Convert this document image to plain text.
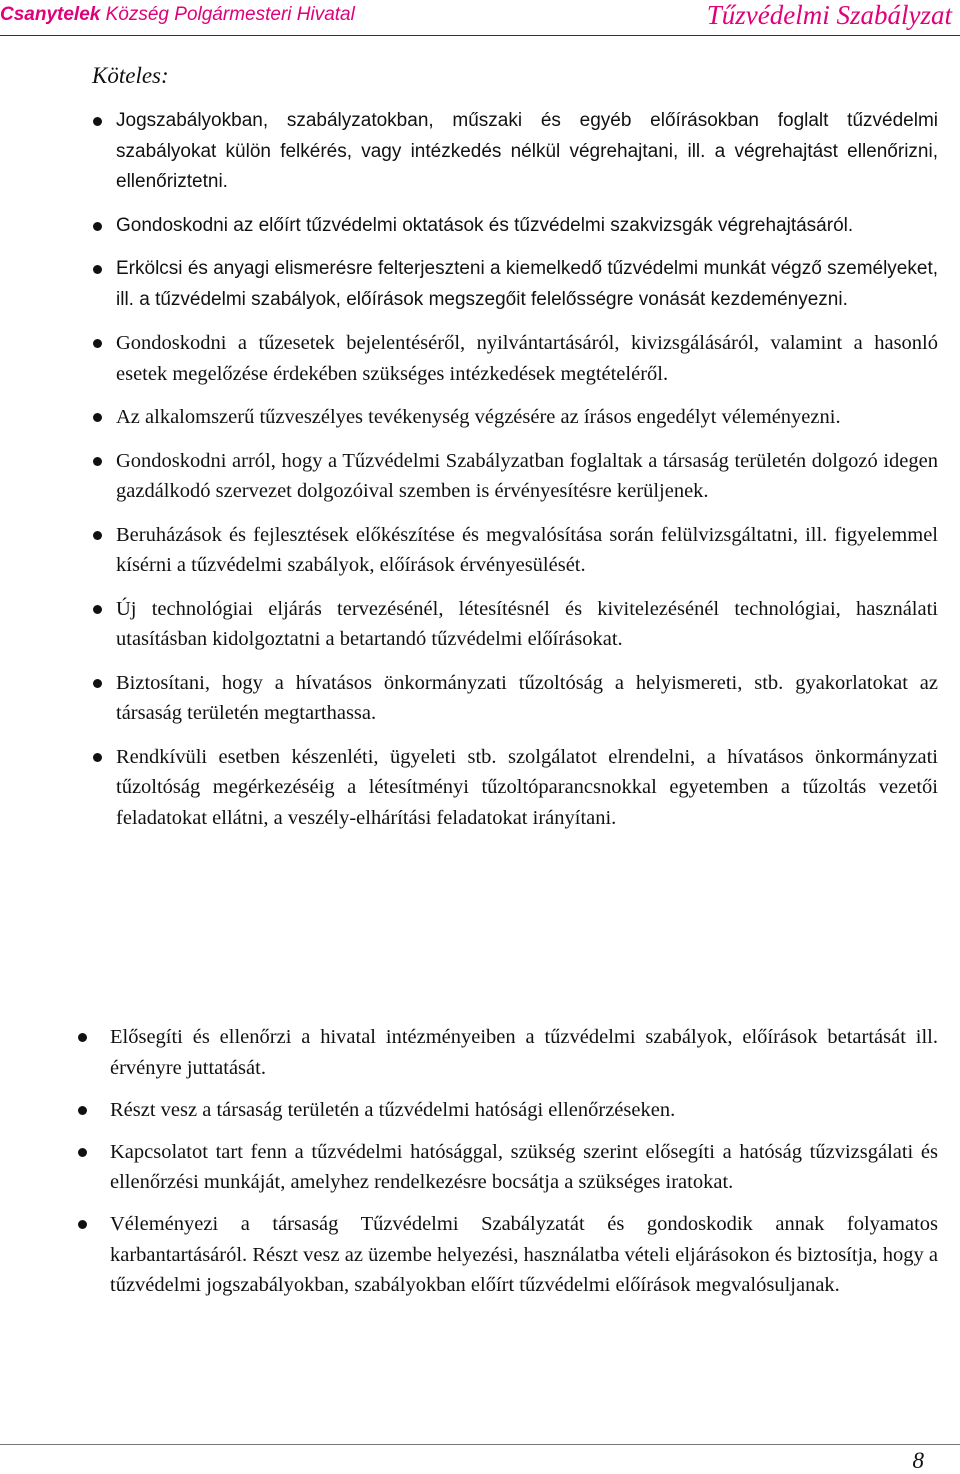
Csanytelek Község Polgármesteri Hivatal	Tűzvédelmi Szabályzat
Köteles:
Jogszabályokban, szabályzatokban, műszaki és egyéb előírásokban foglalt tűzvédelmi szabályokat külön felkérés, vagy intézkedés nélkül végrehajtani, ill. a végrehajtást ellenőrizni, ellenőriztetni.
Gondoskodni az előírt tűzvédelmi oktatások és tűzvédelmi szakvizsgák végrehajtásáról.
Erkölcsi és anyagi elismerésre felterjeszteni a kiemelkedő tűzvédelmi munkát végző személyeket, ill. a tűzvédelmi szabályok, előírások megszegőit felelősségre vonását kezdeményezni.
Gondoskodni a tűzesetek bejelentéséről, nyilvántartásáról, kivizsgálásáról, valamint a hasonló esetek megelőzése érdekében szükséges intézkedések megtételéről.
Az alkalomszerű tűzveszélyes tevékenység végzésére az írásos engedélyt véleményezni.
Gondoskodni arról, hogy a Tűzvédelmi Szabályzatban foglaltak a társaság területén dolgozó idegen gazdálkodó szervezet dolgozóival szemben is érvényesítésre kerüljenek.
Beruházások és fejlesztések előkészítése és megvalósítása során felülvizsgáltatni, ill. figyelemmel kísérni a tűzvédelmi szabályok, előírások érvényesülését.
Új technológiai eljárás tervezésénél, létesítésnél és kivitelezésénél technológiai, használati utasításban kidolgoztatni a betartandó tűzvédelmi előírásokat.
Biztosítani, hogy a hívatásos önkormányzati tűzoltóság a helyismereti, stb. gyakorlatokat az társaság területén megtarthassa.
Rendkívüli esetben készenléti, ügyeleti stb. szolgálatot elrendelni, a hívatásos önkormányzati tűzoltóság megérkezéséig a létesítményi tűzoltóparancsnokkal egyetemben a tűzoltás vezetői feladatokat ellátni, a veszély-elhárítási feladatokat irányítani.
Elősegíti és ellenőrzi a hivatal intézményeiben a tűzvédelmi szabályok, előírások betartását ill. érvényre juttatását.
Részt vesz a társaság területén a tűzvédelmi hatósági ellenőrzéseken.
Kapcsolatot tart fenn a tűzvédelmi hatósággal, szükség szerint elősegíti a hatóság tűzvizsgálati és ellenőrzési munkáját, amelyhez rendelkezésre bocsátja a szükséges iratokat.
Véleményezi a társaság Tűzvédelmi Szabályzatát és gondoskodik annak folyamatos karbantartásáról. Részt vesz az üzembe helyezési, használatba vételi eljárásokon és biztosítja, hogy a tűzvédelmi jogszabályokban, szabályokban előírt tűzvédelmi előírások megvalósuljanak.
8
